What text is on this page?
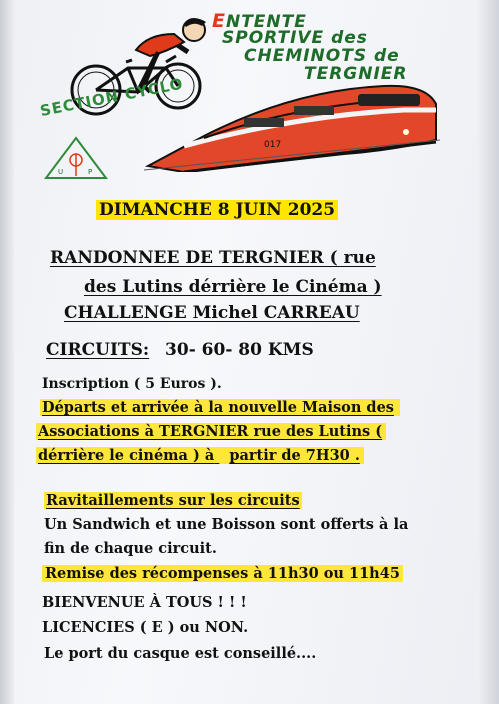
ENTENTE
SPORTIVE des
CHEMINOTS de
TERGNIER
017
SECTION CYCLO
U	P
DIMANCHE 8 JUIN 2025
RANDONNEE DE TERGNIER ( rue
des Lutins dérrière le Cinéma )
CHALLENGE Michel CARREAU
CIRCUITS: 30- 60- 80 KMS
Inscription ( 5 Euros ).
Départs et arrivée à la nouvelle Maison des
Associations à TERGNIER rue des Lutins (
dérrière le cinéma ) à partir de 7H30 .
Ravitaillements sur les circuits
Un Sandwich et une Boisson sont offerts à la
fin de chaque circuit.
Remise des récompenses à 11h30 ou 11h45
BIENVENUE À TOUS ! ! !
LICENCIES ( E ) ou NON.
Le port du casque est conseillé....
